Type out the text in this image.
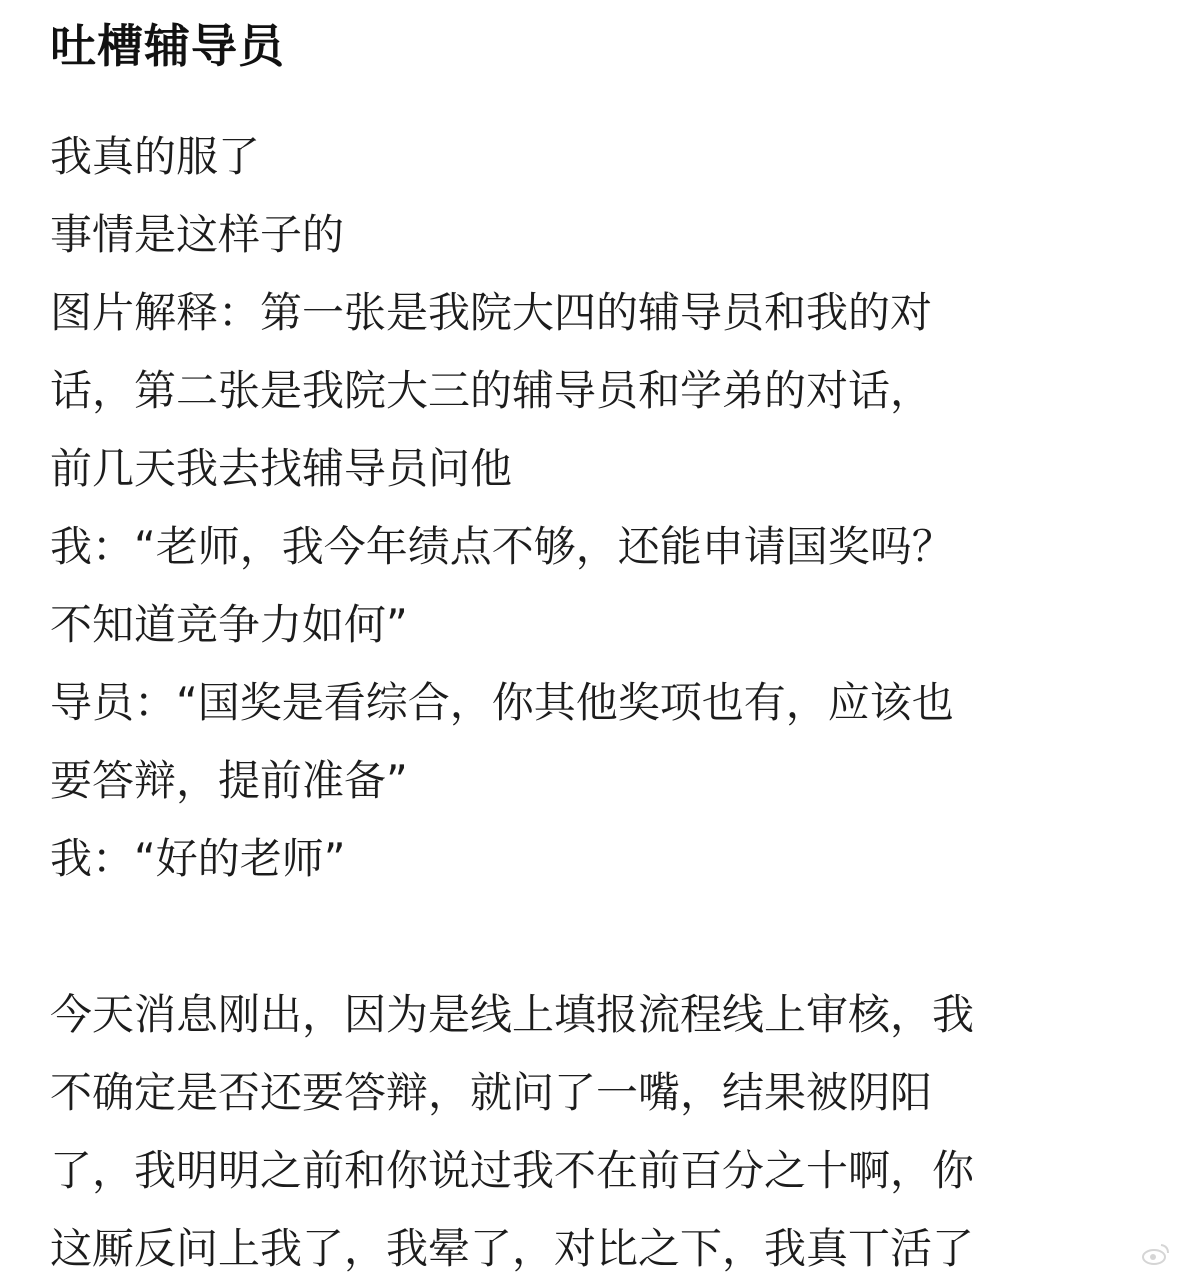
吐槽辅导员
我真的服了
事情是这样子的
图片解释：第一张是我院大四的辅导员和我的对
话，第二张是我院大三的辅导员和学弟的对话，
前几天我去找辅导员问他
我：“老师，我今年绩点不够，还能申请国奖吗？
不知道竞争力如何”
导员：“国奖是看综合，你其他奖项也有，应该也
要答辩，提前准备”
我：“好的老师”
今天消息刚出，因为是线上填报流程线上审核，我
不确定是否还要答辩，就问了一嘴，结果被阴阳
了，我明明之前和你说过我不在前百分之十啊，你
这厮反问上我了，我晕了，对比之下，我真丅活了
